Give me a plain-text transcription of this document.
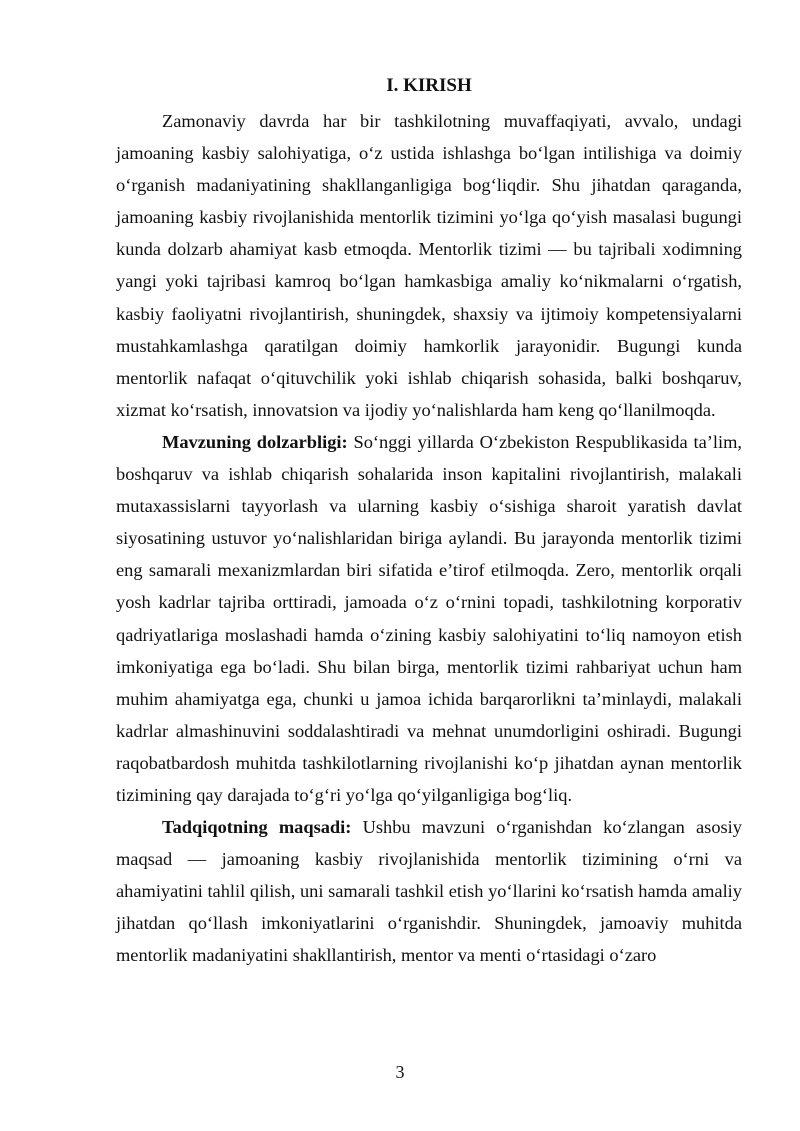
I. KIRISH

Zamonaviy davrda har bir tashkilotning muvaffaqiyati, avvalo, undagi jamoaning kasbiy salohiyatiga, o‘z ustida ishlashga bo‘lgan intilishiga va doimiy o‘rganish madaniyatining shakllanganligiga bog‘liqdir. Shu jihatdan qaraganda, jamoaning kasbiy rivojlanishida mentorlik tizimini yo‘lga qo‘yish masalasi bugungi kunda dolzarb ahamiyat kasb etmoqda. Mentorlik tizimi — bu tajribali xodimning yangi yoki tajribasi kamroq bo‘lgan hamkasbiga amaliy ko‘nikmalarni o‘rgatish, kasbiy faoliyatni rivojlantirish, shuningdek, shaxsiy va ijtimoiy kompetensiyalarni mustahkamlashga qaratilgan doimiy hamkorlik jarayonidir. Bugungi kunda mentorlik nafaqat o‘qituvchilik yoki ishlab chiqarish sohasida, balki boshqaruv, xizmat ko‘rsatish, innovatsion va ijodiy yo‘nalishlarda ham keng qo‘llanilmoqda.

Mavzuning dolzarbligi: So‘nggi yillarda O‘zbekiston Respublikasida ta’lim, boshqaruv va ishlab chiqarish sohalarida inson kapitalini rivojlantirish, malakali mutaxassislarni tayyorlash va ularning kasbiy o‘sishiga sharoit yaratish davlat siyosatining ustuvor yo‘nalishlaridan biriga aylandi. Bu jarayonda mentorlik tizimi eng samarali mexanizmlardan biri sifatida e’tirof etilmoqda. Zero, mentorlik orqali yosh kadrlar tajriba orttiradi, jamoada o‘z o‘rnini topadi, tashkilotning korporativ qadriyatlariga moslashadi hamda o‘zining kasbiy salohiyatini to‘liq namoyon etish imkoniyatiga ega bo‘ladi. Shu bilan birga, mentorlik tizimi rahbariyat uchun ham muhim ahamiyatga ega, chunki u jamoa ichida barqarorlikni ta’minlaydi, malakali kadrlar almashinuvini soddalashtiradi va mehnat unumdorligini oshiradi. Bugungi raqobatbardosh muhitda tashkilotlarning rivojlanishi ko‘p jihatdan aynan mentorlik tizimining qay darajada to‘g‘ri yo‘lga qo‘yilganligiga bog‘liq.

Tadqiqotning maqsadi: Ushbu mavzuni o‘rganishdan ko‘zlangan asosiy maqsad — jamoaning kasbiy rivojlanishida mentorlik tizimining o‘rni va ahamiyatini tahlil qilish, uni samarali tashkil etish yo‘llarini ko‘rsatish hamda amaliy jihatdan qo‘llash imkoniyatlarini o‘rganishdir. Shuningdek, jamoaviy muhitda mentorlik madaniyatini shakllantirish, mentor va menti o‘rtasidagi o‘zaro

3
